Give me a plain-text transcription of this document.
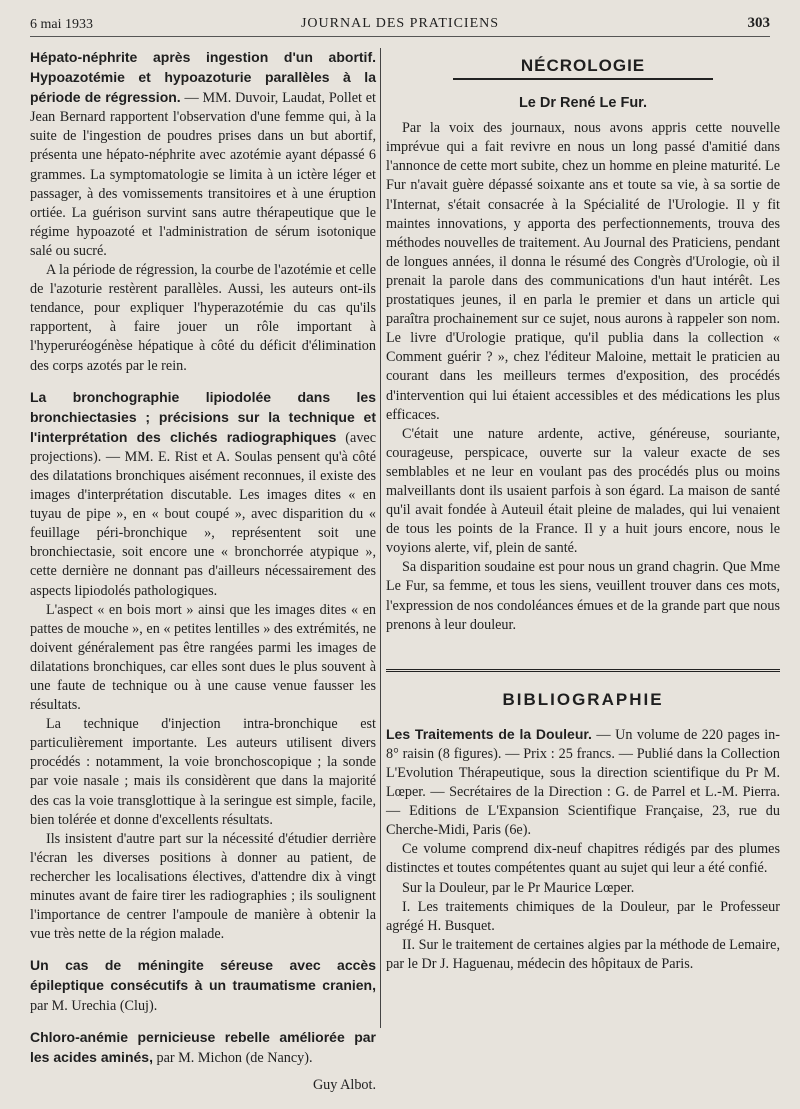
6 mai 1933	JOURNAL DES PRATICIENS	303

Hépato-néphrite après ingestion d'un abortif. Hypoazotémie et hypoazoturie parallèles à la période de régression. — MM. Duvoir, Laudat, Pollet et Jean Bernard rapportent l'observation d'une femme qui, à la suite de l'ingestion de poudres prises dans un but abortif, présenta une hépato-néphrite avec azotémie ayant dépassé 6 grammes. La symptomatologie se limita à un ictère léger et passager, à des vomissements transitoires et à une éruption ortiée. La guérison survint sans autre thérapeutique que le régime hypoazoté et l'administration de sérum isotonique salé ou sucré.

A la période de régression, la courbe de l'azotémie et celle de l'azoturie restèrent parallèles. Aussi, les auteurs ont-ils tendance, pour expliquer l'hyperazotémie du cas qu'ils rapportent, à faire jouer un rôle important à l'hyperuréogénèse hépatique à côté du déficit d'élimination des corps azotés par le rein.

La bronchographie lipiodolée dans les bronchiectasies ; précisions sur la technique et l'interprétation des clichés radiographiques (avec projections). — MM. E. Rist et A. Soulas pensent qu'à côté des dilatations bronchiques aisément reconnues, il existe des images d'interprétation discutable. Les images dites « en tuyau de pipe », en « bout coupé », avec disparition du « feuillage péri-bronchique », représentent soit une bronchiectasie, soit encore une « bronchorrée atypique », cette dernière ne donnant pas d'ailleurs nécessairement des aspects lipiodolés pathologiques.

L'aspect « en bois mort » ainsi que les images dites « en pattes de mouche », en « petites lentilles » des extrémités, ne doivent généralement pas être rangées parmi les images de dilatations bronchiques, car elles sont dues le plus souvent à une faute de technique ou à une cause venue fausser les résultats.

La technique d'injection intra-bronchique est particulièrement importante. Les auteurs utilisent divers procédés : notamment, la voie bronchoscopique ; la sonde par voie nasale ; mais ils considèrent que dans la majorité des cas la voie transglottique à la seringue est simple, facile, bien tolérée et donne d'excellents résultats.

Ils insistent d'autre part sur la nécessité d'étudier derrière l'écran les diverses positions à donner au patient, de rechercher les localisations électives, d'attendre dix à vingt minutes avant de faire tirer les radiographies ; ils soulignent l'importance de centrer l'ampoule de manière à obtenir la vue très nette de la région malade.

Un cas de méningite séreuse avec accès épileptique consécutifs à un traumatisme cranien, par M. Urechia (Cluj).

Chloro-anémie pernicieuse rebelle améliorée par les acides aminés, par M. Michon (de Nancy).

Guy Albot.

NÉCROLOGIE
Le Dr René Le Fur.

Par la voix des journaux, nous avons appris cette nouvelle imprévue qui a fait revivre en nous un long passé d'amitié dans l'annonce de cette mort subite, chez un homme en pleine maturité. Le Fur n'avait guère dépassé soixante ans et toute sa vie, à sa sortie de l'Internat, s'était consacrée à la Spécialité de l'Urologie. Il y fit maintes innovations, y apporta des perfectionnements, trouva des méthodes nouvelles de traitement. Au Journal des Praticiens, pendant de longues années, il donna le résumé des Congrès d'Urologie, où il prenait la parole dans des communications d'un haut intérêt. Les prostatiques jeunes, il en parla le premier et dans un article qui paraîtra prochainement sur ce sujet, nous aurons à rappeler son nom. Le livre d'Urologie pratique, qu'il publia dans la collection « Comment guérir ? », chez l'éditeur Maloine, mettait le praticien au courant dans les meilleurs termes d'exposition, des procédés d'intervention qui lui étaient accessibles et des médications les plus efficaces.

C'était une nature ardente, active, généreuse, souriante, courageuse, perspicace, ouverte sur la valeur exacte de ses semblables et ne leur en voulant pas des procédés plus ou moins malveillants dont ils usaient parfois à son égard. La maison de santé qu'il avait fondée à Auteuil était pleine de malades, qui lui venaient de tous les points de la France. Il y a huit jours encore, nous le voyions alerte, vif, plein de santé.

Sa disparition soudaine est pour nous un grand chagrin. Que Mme Le Fur, sa femme, et tous les siens, veuillent trouver dans ces mots, l'expression de nos condoléances émues et de la grande part que nous prenons à leur douleur.

BIBLIOGRAPHIE

Les Traitements de la Douleur. — Un volume de 220 pages in-8° raisin (8 figures). — Prix : 25 francs. — Publié dans la Collection L'Evolution Thérapeutique, sous la direction scientifique du Pr M. Lœper. — Secrétaires de la Direction : G. de Parrel et L.-M. Pierra. — Editions de L'Expansion Scientifique Française, 23, rue du Cherche-Midi, Paris (6e).

Ce volume comprend dix-neuf chapitres rédigés par des plumes distinctes et toutes compétentes quant au sujet qui leur a été confié.

Sur la Douleur, par le Pr Maurice Lœper.

I. Les traitements chimiques de la Douleur, par le Professeur agrégé H. Busquet.

II. Sur le traitement de certaines algies par la méthode de Lemaire, par le Dr J. Haguenau, médecin des hôpitaux de Paris.
